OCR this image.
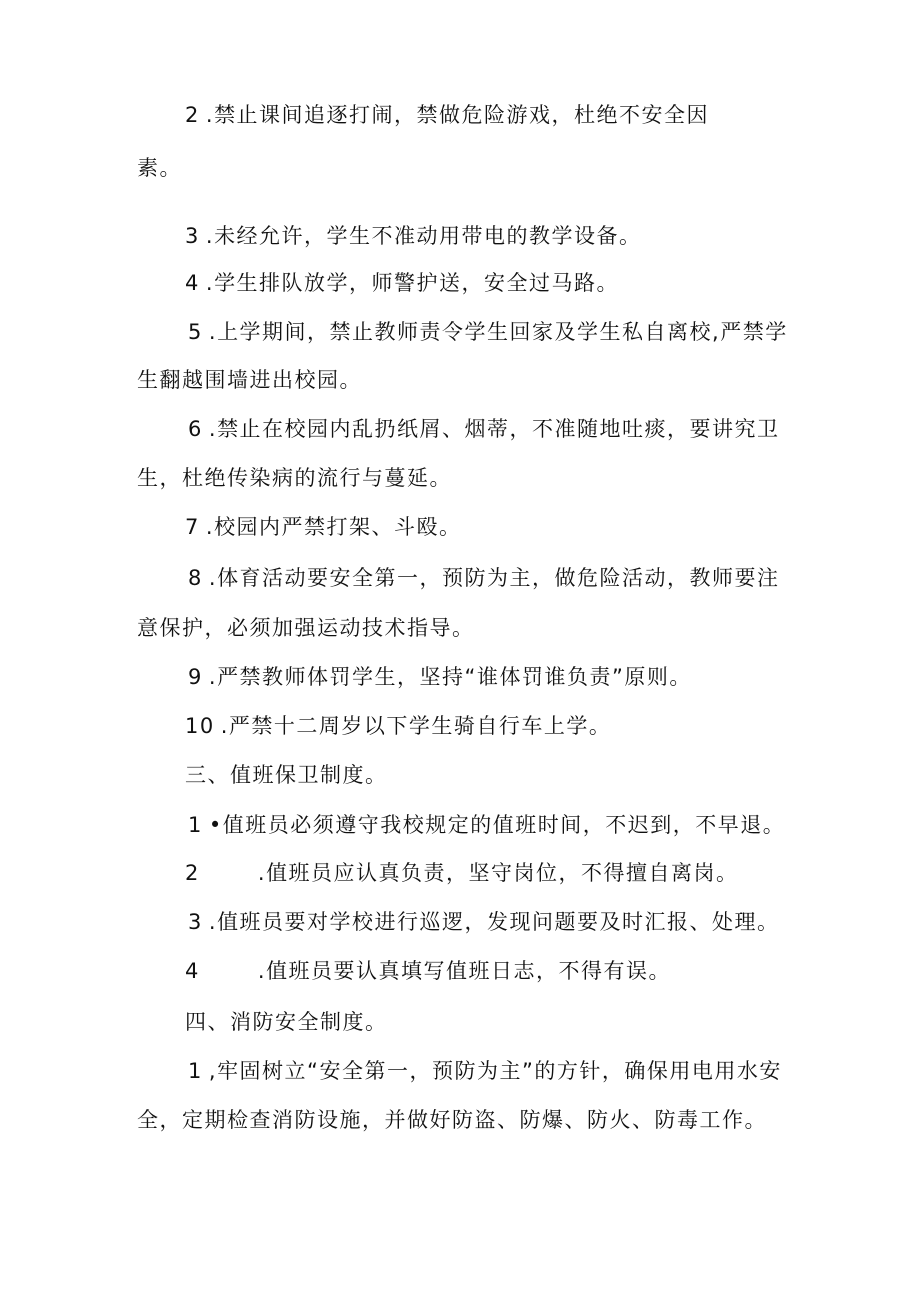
2 .禁止课间追逐打闹，禁做危险游戏，杜绝不安全因
素。
3 .未经允许，学生不准动用带电的教学设备。
4 .学生排队放学，师警护送，安全过马路。
5 .上学期间，禁止教师责令学生回家及学生私自离校,严禁学
生翻越围墙进出校园。
6 .禁止在校园内乱扔纸屑、烟蒂，不准随地吐痰，要讲究卫
生，杜绝传染病的流行与蔓延。
7 .校园内严禁打架、斗殴。
8 .体育活动要安全第一，预防为主，做危险活动，教师要注
意保护，必须加强运动技术指导。
9 .严禁教师体罚学生，坚持“谁体罚谁负责”原则。
10 .严禁十二周岁以下学生骑自行车上学。
三、值班保卫制度。
1 •值班员必须遵守我校规定的值班时间，不迟到，不早退。
2	.值班员应认真负责，坚守岗位，不得擅自离岗。
3 .值班员要对学校进行巡逻，发现问题要及时汇报、处理。
4	.值班员要认真填写值班日志，不得有误。
四、消防安全制度。
1 ,牢固树立“安全第一，预防为主”的方针，确保用电用水安
全，定期检查消防设施，并做好防盗、防爆、防火、防毒工作。
